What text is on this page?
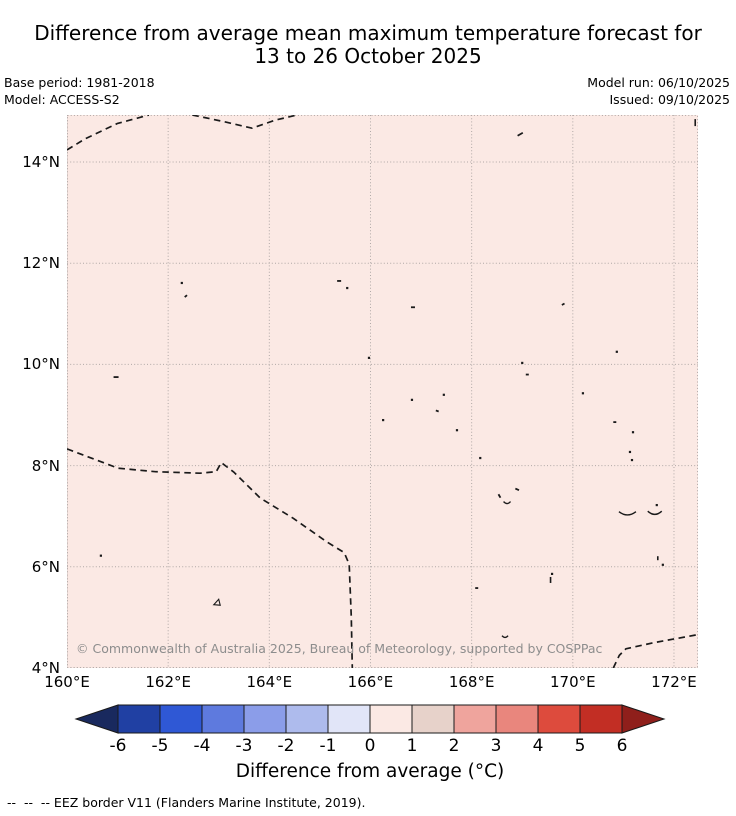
Difference from average mean maximum temperature forecast for
13 to 26 October 2025
Base period: 1981-2018
Model: ACCESS-S2
Model run: 06/10/2025
Issued: 09/10/2025
4°N
6°N
8°N
10°N
12°N
14°N
160°E	162°E	164°E	166°E	168°E	170°E	172°E
© Commonwealth of Australia 2025, Bureau of Meteorology, supported by COSPPac
-6 -5 -4 -3 -2 -1 0 1 2 3 4 5 6
Difference from average (°C)
--  --  -- EEZ border V11 (Flanders Marine Institute, 2019).
